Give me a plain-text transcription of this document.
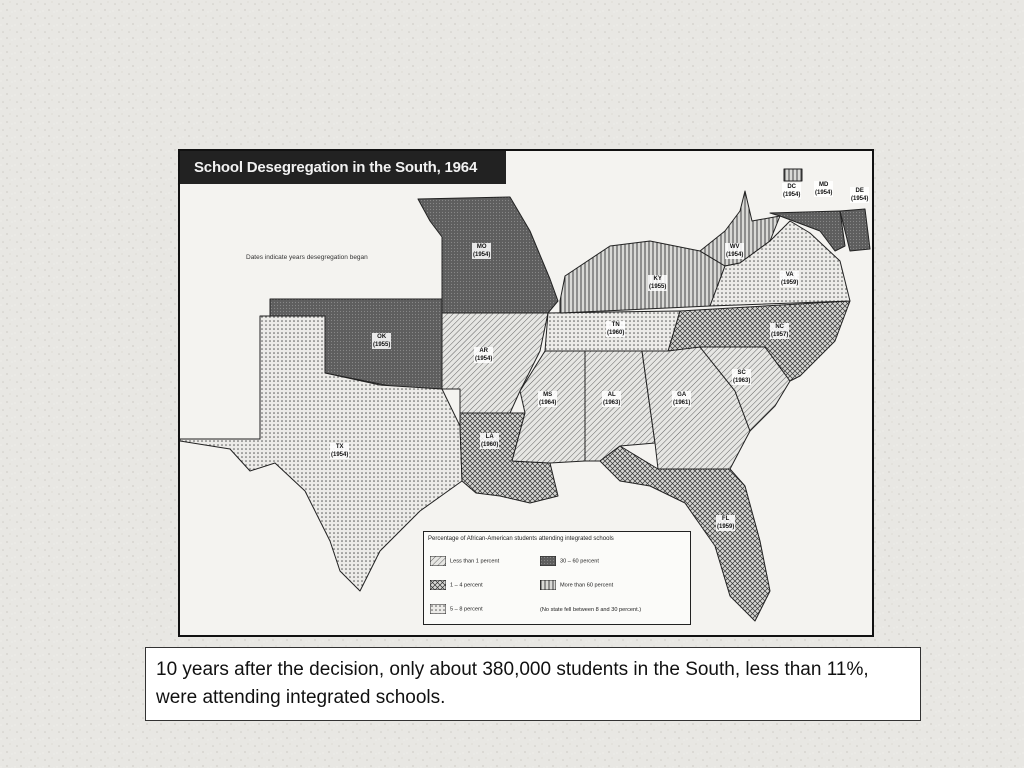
School Desegregation in the South, 1964
Dates indicate years desegregation began
MO
(1954)
OK
(1955)
KY
(1955)
WV
(1954)
VA
(1959)
AR
(1954)
TN
(1960)
NC
(1957)
SC
(1963)
MS
(1964)
AL
(1963)
GA
(1961)
LA
(1960)
TX
(1954)
FL
(1959)
DC
(1954)
MD
(1954)	DE
(1954)
Percentage of African-American students attending integrated schools
Less than 1 percent	30 – 60 percent
1 – 4 percent	More than 60 percent
5 – 8 percent	(No state fell between 8 and 30 percent.)
10 years after the decision, only about 380,000 students in the South, less than 11%, were attending integrated schools.
